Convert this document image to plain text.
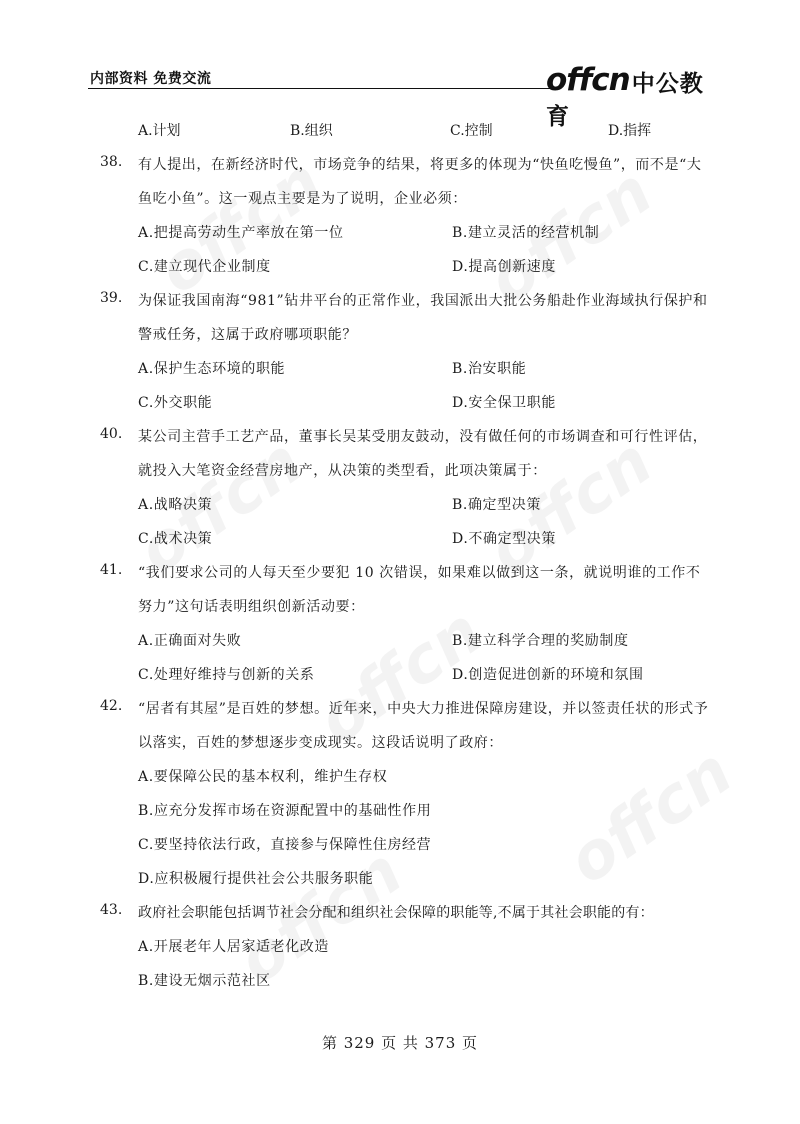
内部资料 免费交流	offcn中公教育
A.计划	B.组织	C.控制	D.指挥
38.	有人提出，在新经济时代，市场竞争的结果，将更多的体现为“快鱼吃慢鱼”，而不是“大鱼吃小鱼”。这一观点主要是为了说明，企业必须：
A.把提高劳动生产率放在第一位	B.建立灵活的经营机制
C.建立现代企业制度	D.提高创新速度
39.	为保证我国南海“981”钻井平台的正常作业，我国派出大批公务船赴作业海域执行保护和警戒任务，这属于政府哪项职能？
A.保护生态环境的职能	B.治安职能
C.外交职能	D.安全保卫职能
40.	某公司主营手工艺产品，董事长吴某受朋友鼓动，没有做任何的市场调查和可行性评估，就投入大笔资金经营房地产，从决策的类型看，此项决策属于：
A.战略决策	B.确定型决策
C.战术决策	D.不确定型决策
41.	“我们要求公司的人每天至少要犯 10 次错误，如果难以做到这一条，就说明谁的工作不努力”这句话表明组织创新活动要：
A.正确面对失败	B.建立科学合理的奖励制度
C.处理好维持与创新的关系	D.创造促进创新的环境和氛围
42.	“居者有其屋”是百姓的梦想。近年来，中央大力推进保障房建设，并以签责任状的形式予以落实，百姓的梦想逐步变成现实。这段话说明了政府：
A.要保障公民的基本权利，维护生存权
B.应充分发挥市场在资源配置中的基础性作用
C.要坚持依法行政，直接参与保障性住房经营
D.应积极履行提供社会公共服务职能
43.	政府社会职能包括调节社会分配和组织社会保障的职能等,不属于其社会职能的有：
A.开展老年人居家适老化改造
B.建设无烟示范社区
第 329 页 共 373 页
